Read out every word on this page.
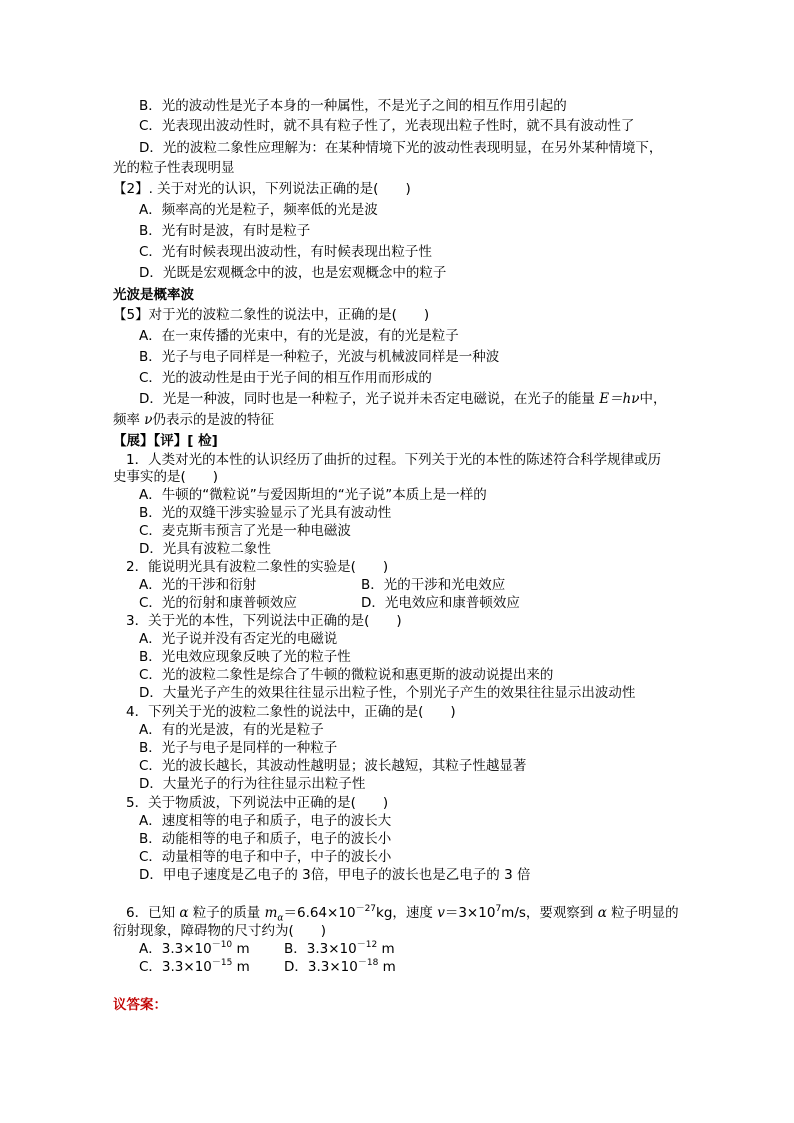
B．光的波动性是光子本身的一种属性，不是光子之间的相互作用引起的
C．光表现出波动性时，就不具有粒子性了，光表现出粒子性时，就不具有波动性了
D．光的波粒二象性应理解为：在某种情境下光的波动性表现明显，在另外某种情境下，
光的粒子性表现明显
【2】. 关于对光的认识，下列说法正确的是(　　)
A．频率高的光是粒子，频率低的光是波
B．光有时是波，有时是粒子
C．光有时候表现出波动性，有时候表现出粒子性
D．光既是宏观概念中的波，也是宏观概念中的粒子
光波是概率波
【5】对于光的波粒二象性的说法中，正确的是(　　)
A．在一束传播的光束中，有的光是波，有的光是粒子
B．光子与电子同样是一种粒子，光波与机械波同样是一种波
C．光的波动性是由于光子间的相互作用而形成的
D．光是一种波，同时也是一种粒子，光子说并未否定电磁说，在光子的能量 E＝hν中，
频率 ν仍表示的是波的特征
【展】【评】[ 检]
1．人类对光的本性的认识经历了曲折的过程。下列关于光的本性的陈述符合科学规律或历
史事实的是(　　)
A．牛顿的“微粒说”与爱因斯坦的“光子说”本质上是一样的
B．光的双缝干涉实验显示了光具有波动性
C．麦克斯韦预言了光是一种电磁波
D．光具有波粒二象性
2．能说明光具有波粒二象性的实验是(　　)
A．光的干涉和衍射	B．光的干涉和光电效应
C．光的衍射和康普顿效应	D．光电效应和康普顿效应
3．关于光的本性，下列说法中正确的是(　　)
A．光子说并没有否定光的电磁说
B．光电效应现象反映了光的粒子性
C．光的波粒二象性是综合了牛顿的微粒说和惠更斯的波动说提出来的
D．大量光子产生的效果往往显示出粒子性，个别光子产生的效果往往显示出波动性
4．下列关于光的波粒二象性的说法中，正确的是(　　)
A．有的光是波，有的光是粒子
B．光子与电子是同样的一种粒子
C．光的波长越长，其波动性越明显；波长越短，其粒子性越显著
D．大量光子的行为往往显示出粒子性
5．关于物质波，下列说法中正确的是(　　)
A．速度相等的电子和质子，电子的波长大
B．动能相等的电子和质子，电子的波长小
C．动量相等的电子和中子，中子的波长小
D．甲电子速度是乙电子的 3倍，甲电子的波长也是乙电子的 3 倍
6．已知 α 粒子的质量 $m_\alpha=6.64\times 10^{-27}kg$，速度 $v=3\times 10^7m/s$，要观察到 α 粒子明显的
衍射现象，障碍物的尺寸约为(　　)
A．$3.3\times 10^{-10}$ m	B．$3.3\times 10^{-12}$ m
C．$3.3\times 10^{-15}$ m	D．$3.3\times 10^{-18}$ m
议答案：
